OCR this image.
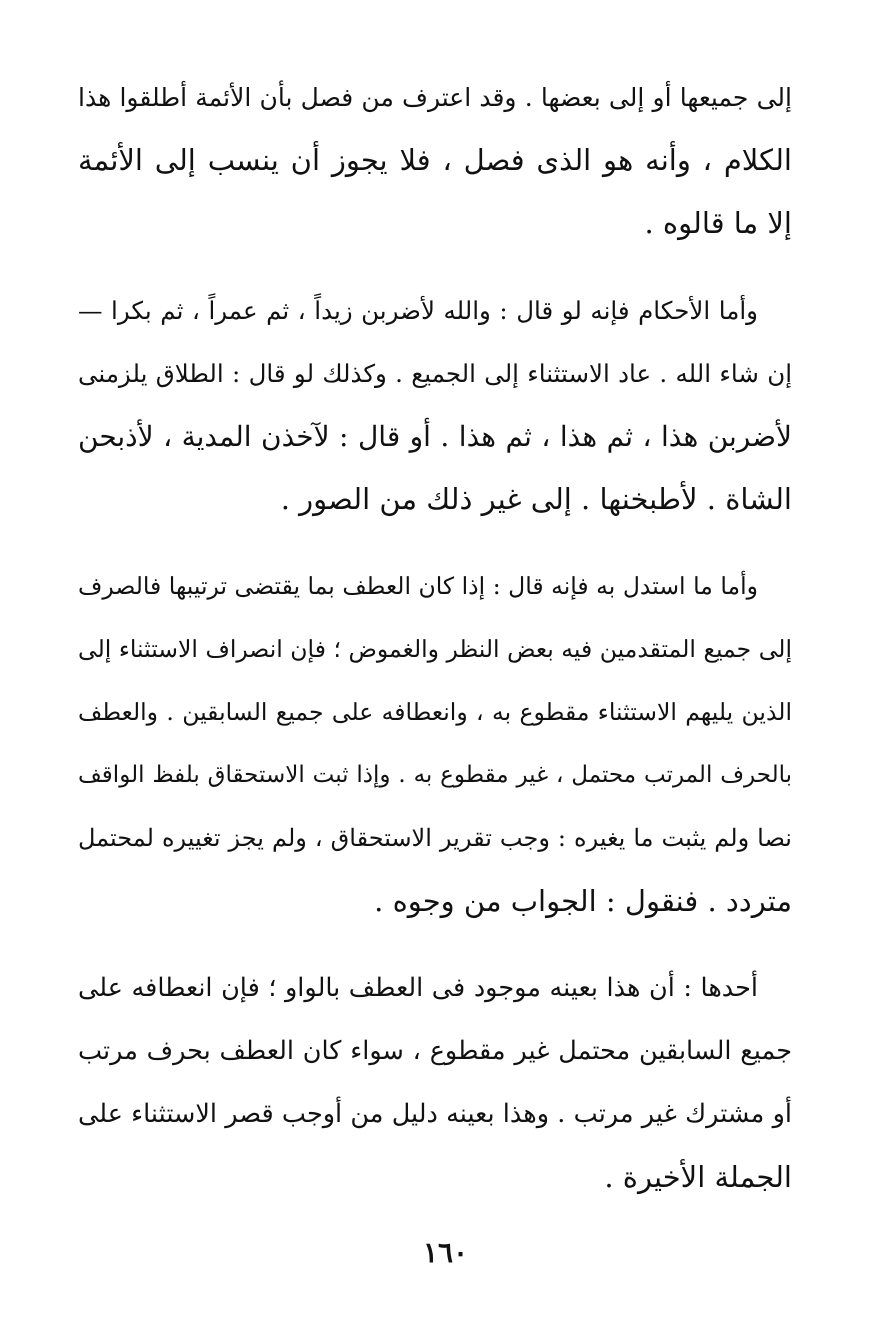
إلى جميعها أو إلى بعضها . وقد اعترف من فصل بأن الأئمة أطلقوا هذا
الكلام ، وأنه هو الذى فصل ، فلا يجوز أن ينسب إلى الأئمة
إلا ما قالوه .
وأما الأحكام فإنه لو قال : والله لأضربن زيداً ، ثم عمراً ، ثم بكرا —
إن شاء الله . عاد الاستثناء إلى الجميع . وكذلك لو قال : الطلاق يلزمنى
لأضربن هذا ، ثم هذا ، ثم هذا . أو قال : لآخذن المدية ، لأذبحن
الشاة . لأطبخنها . إلى غير ذلك من الصور .
وأما ما استدل به فإنه قال : إذا كان العطف بما يقتضى ترتيبها فالصرف
إلى جميع المتقدمين فيه بعض النظر والغموض ؛ فإن انصراف الاستثناء إلى
الذين يليهم الاستثناء مقطوع به ، وانعطافه على جميع السابقين . والعطف
بالحرف المرتب محتمل ، غير مقطوع به . وإذا ثبت الاستحقاق بلفظ الواقف
نصا ولم يثبت ما يغيره : وجب تقرير الاستحقاق ، ولم يجز تغييره لمحتمل
متردد . فنقول : الجواب من وجوه .
أحدها : أن هذا بعينه موجود فى العطف بالواو ؛ فإن انعطافه على
جميع السابقين محتمل غير مقطوع ، سواء كان العطف بحرف مرتب
أو مشترك غير مرتب . وهذا بعينه دليل من أوجب قصر الاستثناء على
الجملة الأخيرة .
١٦٠
